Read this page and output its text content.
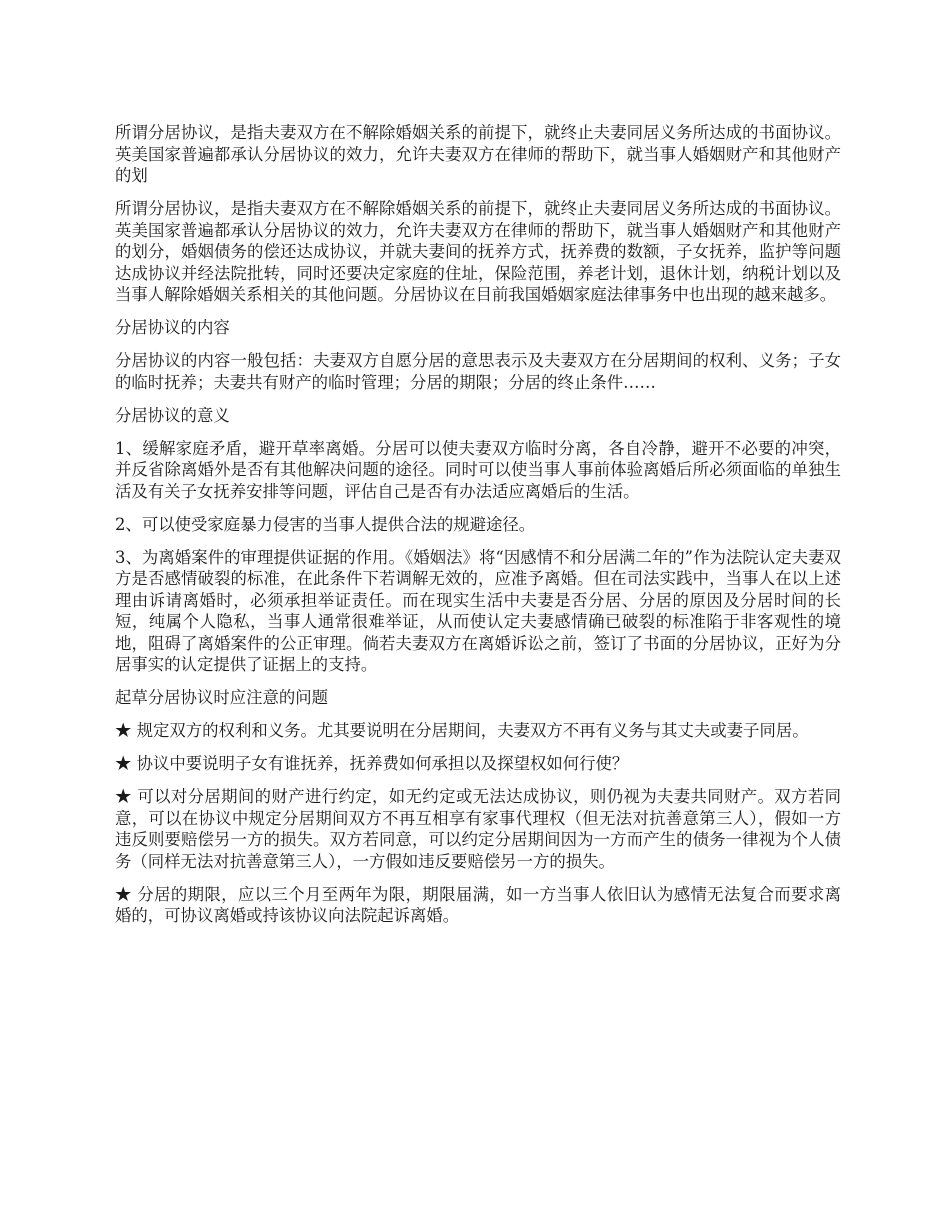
所谓分居协议，是指夫妻双方在不解除婚姻关系的前提下，就终止夫妻同居义务所达成的书面协议。英美国家普遍都承认分居协议的效力，允许夫妻双方在律师的帮助下，就当事人婚姻财产和其他财产的划

所谓分居协议，是指夫妻双方在不解除婚姻关系的前提下，就终止夫妻同居义务所达成的书面协议。英美国家普遍都承认分居协议的效力，允许夫妻双方在律师的帮助下，就当事人婚姻财产和其他财产的划分，婚姻债务的偿还达成协议，并就夫妻间的抚养方式，抚养费的数额，子女抚养，监护等问题达成协议并经法院批转，同时还要决定家庭的住址，保险范围，养老计划，退休计划，纳税计划以及当事人解除婚姻关系相关的其他问题。分居协议在目前我国婚姻家庭法律事务中也出现的越来越多。

分居协议的内容

分居协议的内容一般包括：夫妻双方自愿分居的意思表示及夫妻双方在分居期间的权利、义务；子女的临时抚养；夫妻共有财产的临时管理；分居的期限；分居的终止条件……

分居协议的意义

1、缓解家庭矛盾，避开草率离婚。分居可以使夫妻双方临时分离，各自冷静，避开不必要的冲突，并反省除离婚外是否有其他解决问题的途径。同时可以使当事人事前体验离婚后所必须面临的单独生活及有关子女抚养安排等问题，评估自己是否有办法适应离婚后的生活。

2、可以使受家庭暴力侵害的当事人提供合法的规避途径。

3、为离婚案件的审理提供证据的作用。《婚姻法》将“因感情不和分居满二年的”作为法院认定夫妻双方是否感情破裂的标准，在此条件下若调解无效的，应准予离婚。但在司法实践中，当事人在以上述理由诉请离婚时，必须承担举证责任。而在现实生活中夫妻是否分居、分居的原因及分居时间的长短，纯属个人隐私，当事人通常很难举证，从而使认定夫妻感情确已破裂的标准陷于非客观性的境地，阻碍了离婚案件的公正审理。倘若夫妻双方在离婚诉讼之前，签订了书面的分居协议，正好为分居事实的认定提供了证据上的支持。

起草分居协议时应注意的问题

★ 规定双方的权利和义务。尤其要说明在分居期间，夫妻双方不再有义务与其丈夫或妻子同居。

★ 协议中要说明子女有谁抚养，抚养费如何承担以及探望权如何行使？

★ 可以对分居期间的财产进行约定，如无约定或无法达成协议，则仍视为夫妻共同财产。双方若同意，可以在协议中规定分居期间双方不再互相享有家事代理权（但无法对抗善意第三人），假如一方违反则要赔偿另一方的损失。双方若同意，可以约定分居期间因为一方而产生的债务一律视为个人债务（同样无法对抗善意第三人），一方假如违反要赔偿另一方的损失。

★ 分居的期限，应以三个月至两年为限，期限届满，如一方当事人依旧认为感情无法复合而要求离婚的，可协议离婚或持该协议向法院起诉离婚。
